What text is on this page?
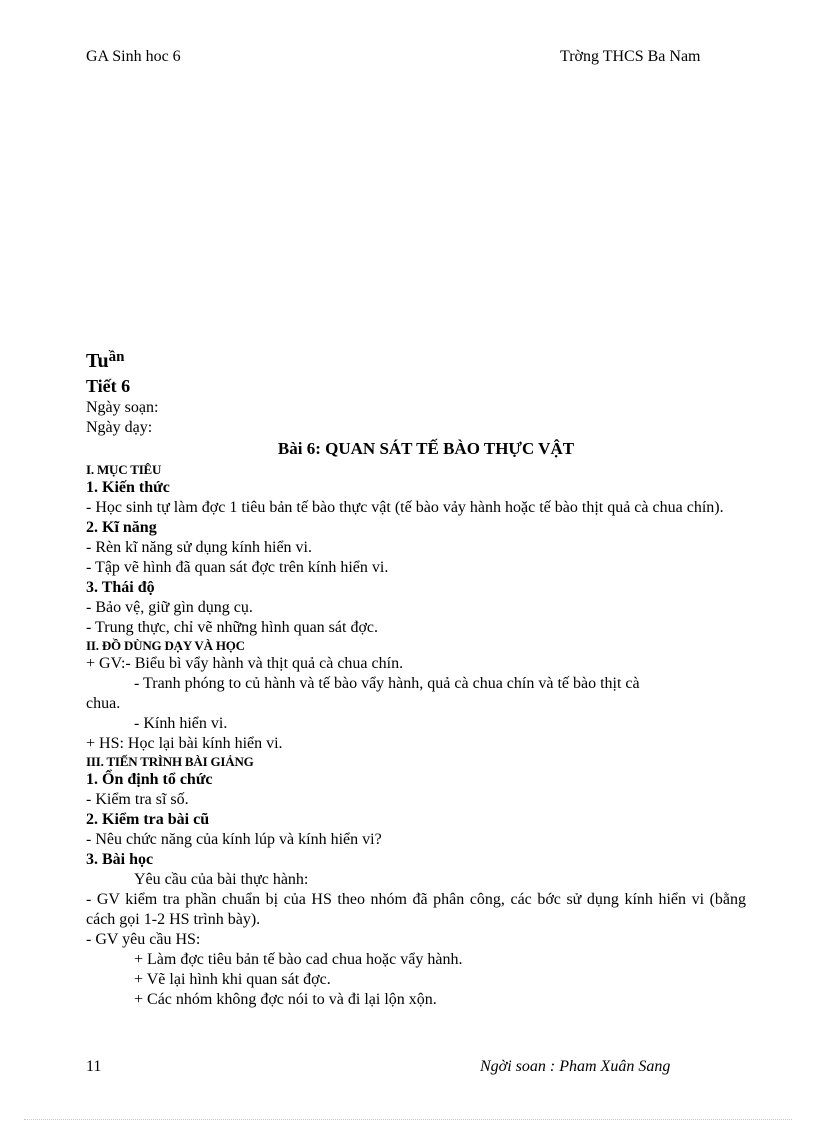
GA Sinh hoc 6	Trờng THCS Ba Nam

$Tu^{ần}$

Tiết 6

Ngày soạn:

Ngày dạy:

Bài 6: QUAN SÁT TẾ BÀO THỰC VẬT

I. MỤC TIÊU

1. Kiến thức

- Học sinh tự làm đợc 1 tiêu bản tế bào thực vật (tế bào vảy hành hoặc tế bào thịt quả cà chua chín).

2. Kĩ năng

- Rèn kĩ năng sử dụng kính hiển vi.

- Tập vẽ hình đã quan sát đợc trên kính hiển vi.

3. Thái độ

- Bảo vệ, giữ gìn dụng cụ.

- Trung thực, chỉ vẽ những hình quan sát đợc.

II. ĐỒ DÙNG DẠY VÀ HỌC

+ GV:- Biểu bì vẩy hành và thịt quả cà chua chín.

- Tranh phóng to củ hành và tế bào vẩy hành, quả cà chua chín và tế bào thịt cà

chua.

- Kính hiển vi.

+ HS: Học lại bài kính hiển vi.

III. TIẾN TRÌNH BÀI GIẢNG

1. Ổn định tổ chức

- Kiểm tra sĩ số.

2. Kiểm tra bài cũ

- Nêu chức năng của kính lúp và kính hiển vi?

3. Bài học

Yêu cầu của bài thực hành:

- GV kiểm tra phần chuẩn bị của HS theo nhóm đã phân công, các bớc sử dụng kính hiển vi (bằng cách gọi 1-2 HS trình bày).

- GV yêu cầu HS:

+ Làm đợc tiêu bản tế bào cad chua hoặc vẩy hành.

+ Vẽ lại hình khi quan sát đợc.

+ Các nhóm không đợc nói to và đi lại lộn xộn.

11	Ngời soan : Pham Xuân Sang
